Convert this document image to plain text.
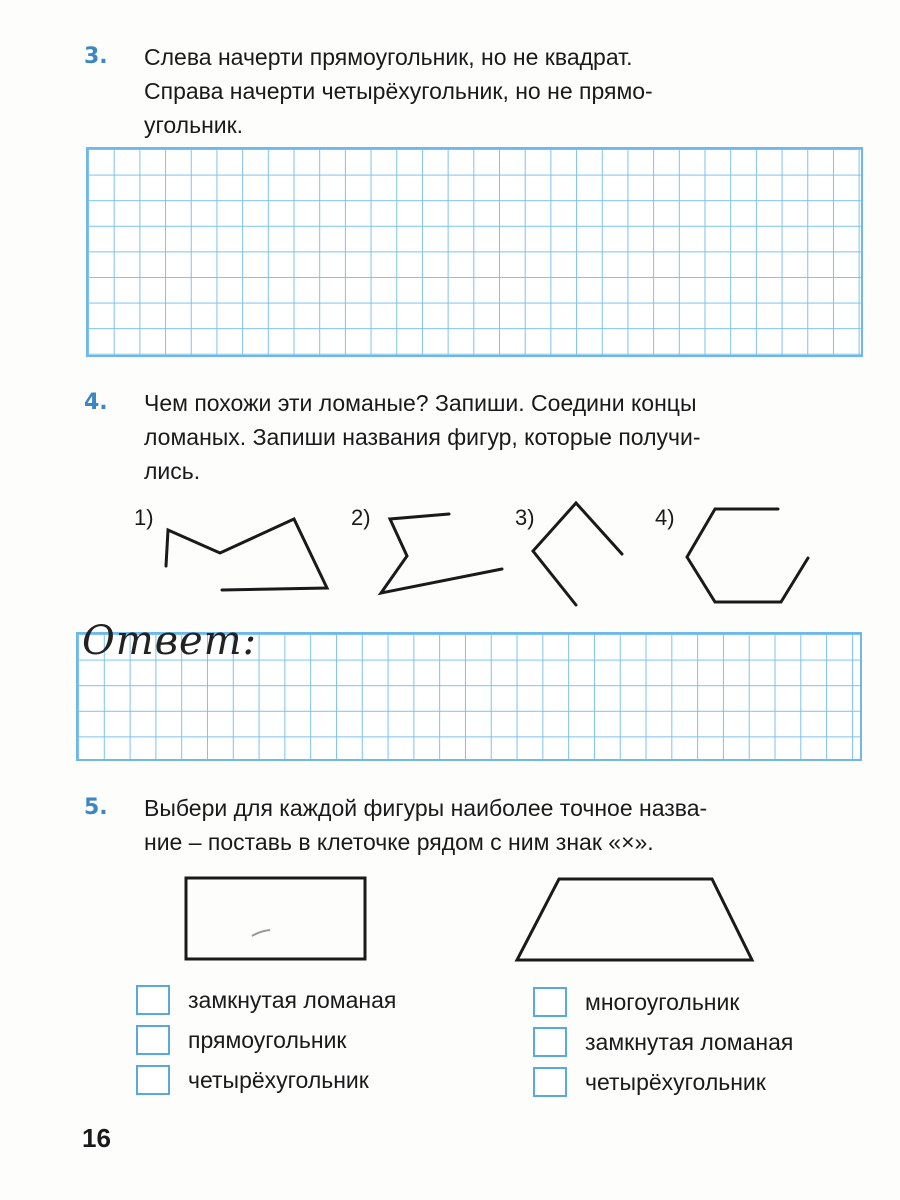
3. Слева начерти прямоугольник, но не квадрат.
Справа начерти четырёхугольник, но не прямо-
угольник.
4. Чем похожи эти ломаные? Запиши. Соедини концы
ломаных. Запиши названия фигур, которые получи-
лись.
1)	2)	3)	4)
Ответ:
5. Выбери для каждой фигуры наиболее точное назва-
ние – поставь в клеточке рядом с ним знак «×».
замкнутая ломаная
прямоугольник
четырёхугольник
многоугольник
замкнутая ломаная
четырёхугольник
16
